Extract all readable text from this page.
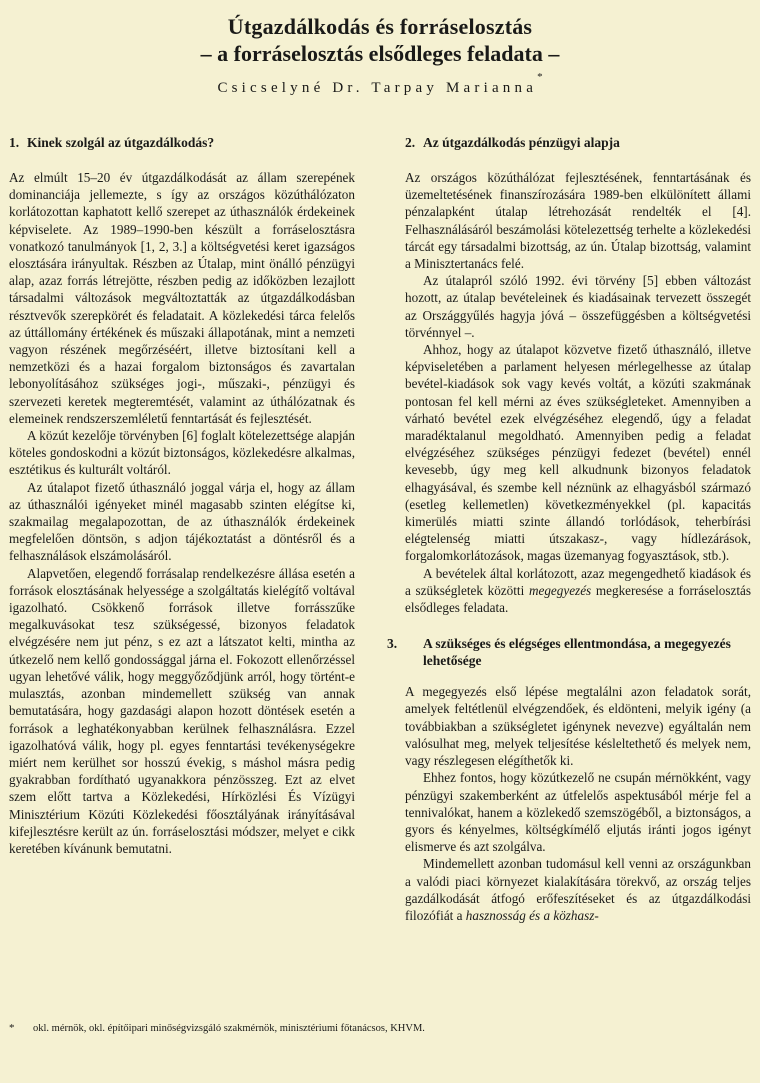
Útgazdálkodás és forráselosztás
– a forráselosztás elsődleges feladata –
Csicselyné Dr. Tarpay Marianna*
1. Kinek szolgál az útgazdálkodás?

Az elmúlt 15–20 év útgazdálkodását az állam szerepének dominanciája jellemezte, s így az országos közúthálózaton korlátozottan kaphatott kellő szerepet az úthasználók érdekeinek képviselete. Az 1989–1990-ben készült a forráselosztásra vonatkozó tanulmányok [1, 2, 3.] a költségvetési keret igazságos elosztására irányultak. Részben az Útalap, mint önálló pénzügyi alap, azaz forrás létrejötte, részben pedig az időközben lezajlott társadalmi változások megváltoztatták az útgazdálkodásban résztvevők szerepkörét és feladatait. A közlekedési tárca felelős az úttállomány értékének és műszaki állapotának, mint a nemzeti vagyon részének megőrzéséért, illetve biztosítani kell a nemzetközi és a hazai forgalom biztonságos és zavartalan lebonyolításához szükséges jogi-, műszaki-, pénzügyi és szervezeti keretek megteremtését, valamint az úthálózatnak és elemeinek rendszerszemléletű fenntartását és fejlesztését.

A közút kezelője törvényben [6] foglalt kötelezettsége alapján köteles gondoskodni a közút biztonságos, közlekedésre alkalmas, esztétikus és kulturált voltáról.

Az útalapot fizető úthasználó joggal várja el, hogy az állam az úthasználói igényeket minél magasabb szinten elégítse ki, szakmailag megalapozottan, de az úthasználók érdekeinek megfelelően döntsön, s adjon tájékoztatást a döntésről és a felhasználások elszámolásáról.

Alapvetően, elegendő forrásalap rendelkezésre állása esetén a források elosztásának helyessége a szolgáltatás kielégítő voltával igazolható. Csökkenő források illetve forrásszűke megalkuvásokat tesz szükségessé, bizonyos feladatok elvégzésére nem jut pénz, s ez azt a látszatot kelti, mintha az útkezelő nem kellő gondossággal járna el. Fokozott ellenőrzéssel ugyan lehetővé válik, hogy meggyőződjünk arról, hogy történt-e mulasztás, azonban mindemellett szükség van annak bemutatására, hogy gazdasági alapon hozott döntések esetén a források a leghatékonyabban kerülnek felhasználásra. Ezzel igazolhatóvá válik, hogy pl. egyes fenntartási tevékenységekre miért nem kerülhet sor hosszú évekig, s máshol másra pedig gyakrabban fordítható ugyanakkora pénzösszeg. Ezt az elvet szem előtt tartva a Közlekedési, Hírközlési És Vízügyi Minisztérium Közúti Közlekedési főosztályának irányításával kifejlesztésre került az ún. forráselosztási módszer, melyet e cikk keretében kívánunk bemutatni.

2. Az útgazdálkodás pénzügyi alapja

Az országos közúthálózat fejlesztésének, fenntartásának és üzemeltetésének finanszírozására 1989-ben elkülönített állami pénzalapként útalap létrehozását rendelték el [4]. Felhasználásáról beszámolási kötelezettség terhelte a közlekedési tárcát egy társadalmi bizottság, az ún. Útalap bizottság, valamint a Minisztertanács felé.

Az útalapról szóló 1992. évi törvény [5] ebben változást hozott, az útalap bevételeinek és kiadásainak tervezett összegét az Országgyűlés hagyja jóvá – összefüggésben a költségvetési törvénnyel –.

Ahhoz, hogy az útalapot közvetve fizető úthasználó, illetve képviseletében a parlament helyesen mérlegelhesse az útalap bevétel-kiadások sok vagy kevés voltát, a közúti szakmának pontosan fel kell mérni az éves szükségleteket. Amennyiben a várható bevétel ezek elvégzéséhez elegendő, úgy a feladat maradéktalanul megoldható. Amennyiben pedig a feladat elvégzéséhez szükséges pénzügyi fedezet (bevétel) ennél kevesebb, úgy meg kell alkudnunk bizonyos feladatok elhagyásával, és szembe kell néznünk az elhagyásból származó (esetleg kellemetlen) következményekkel (pl. kapacitás kimerülés miatti szinte állandó torlódások, teherbírási elégtelenség miatti útszakasz-, vagy hídlezárások, forgalomkorlátozások, magas üzemanyag fogyasztások, stb.).

A bevételek által korlátozott, azaz megengedhető kiadások és a szükségletek közötti megegyezés megkeresése a forráselosztás elsődleges feladata.

3. A szükséges és elégséges ellentmondása, a megegyezés lehetősége

A megegyezés első lépése megtalálni azon feladatok sorát, amelyek feltétlenül elvégzendőek, és eldönteni, melyik igény (a továbbiakban a szükségletet igénynek nevezve) egyáltalán nem valósulhat meg, melyek teljesítése késleltethető és melyek nem, vagy részlegesen elégíthetők ki.

Ehhez fontos, hogy közútkezelő ne csupán mérnökként, vagy pénzügyi szakemberként az útfelelős aspektusából mérje fel a tennivalókat, hanem a közlekedő szemszögéből, a biztonságos, a gyors és kényelmes, költségkímélő eljutás iránti jogos igényt elismerve és azt szolgálva.

Mindemellett azonban tudomásul kell venni az országunkban a valódi piaci környezet kialakítására törekvő, az ország teljes gazdálkodását átfogó erőfeszítéseket és az útgazdálkodási filozófiát a hasznosság és a közhasz-

* okl. mérnök, okl. építőipari minőségvizsgáló szakmérnök, minisztériumi főtanácsos, KHVM.
